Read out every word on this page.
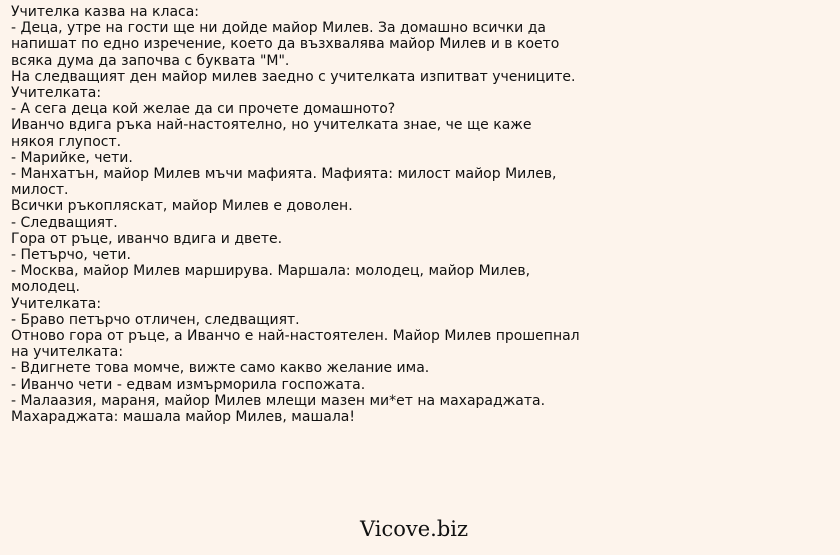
Учителка казва на класа:
- Деца, утре на гости ще ни дойде майор Милев. За домашно всички да напишат по едно изречение, което да възхвалява майор Милев и в което всяка дума да започва с буквата "М".
На следващият ден майор милев заедно с учителката изпитват учениците.
Учителката:
- А сега деца кой желае да си прочете домашното?
Иванчо вдига ръка най-настоятелно, но учителката знае, че ще каже някоя глупост.
- Марийке, чети.
- Манхатън, майор Милев мъчи мафията. Мафията: милост майор Милев, милост.
Всички ръкопляскат, майор Милев е доволен.
- Следващият.
Гора от ръце, иванчо вдига и двете.
- Петърчо, чети.
- Москва, майор Милев марширува. Маршала: молодец, майор Милев, молодец.
Учителката:
- Браво петърчо отличен, следващият.
Отново гора от ръце, а Иванчо е най-настоятелен. Майор Милев прошепнал на учителката:
- Вдигнете това момче, вижте само какво желание има.
- Иванчо чети - едвам измърморила госпожата.
- Малаазия, мараня, майор Милев млещи мазен ми*ет на махараджата.
Махараджата: машала майор Милев, машала!
Vicove.biz
